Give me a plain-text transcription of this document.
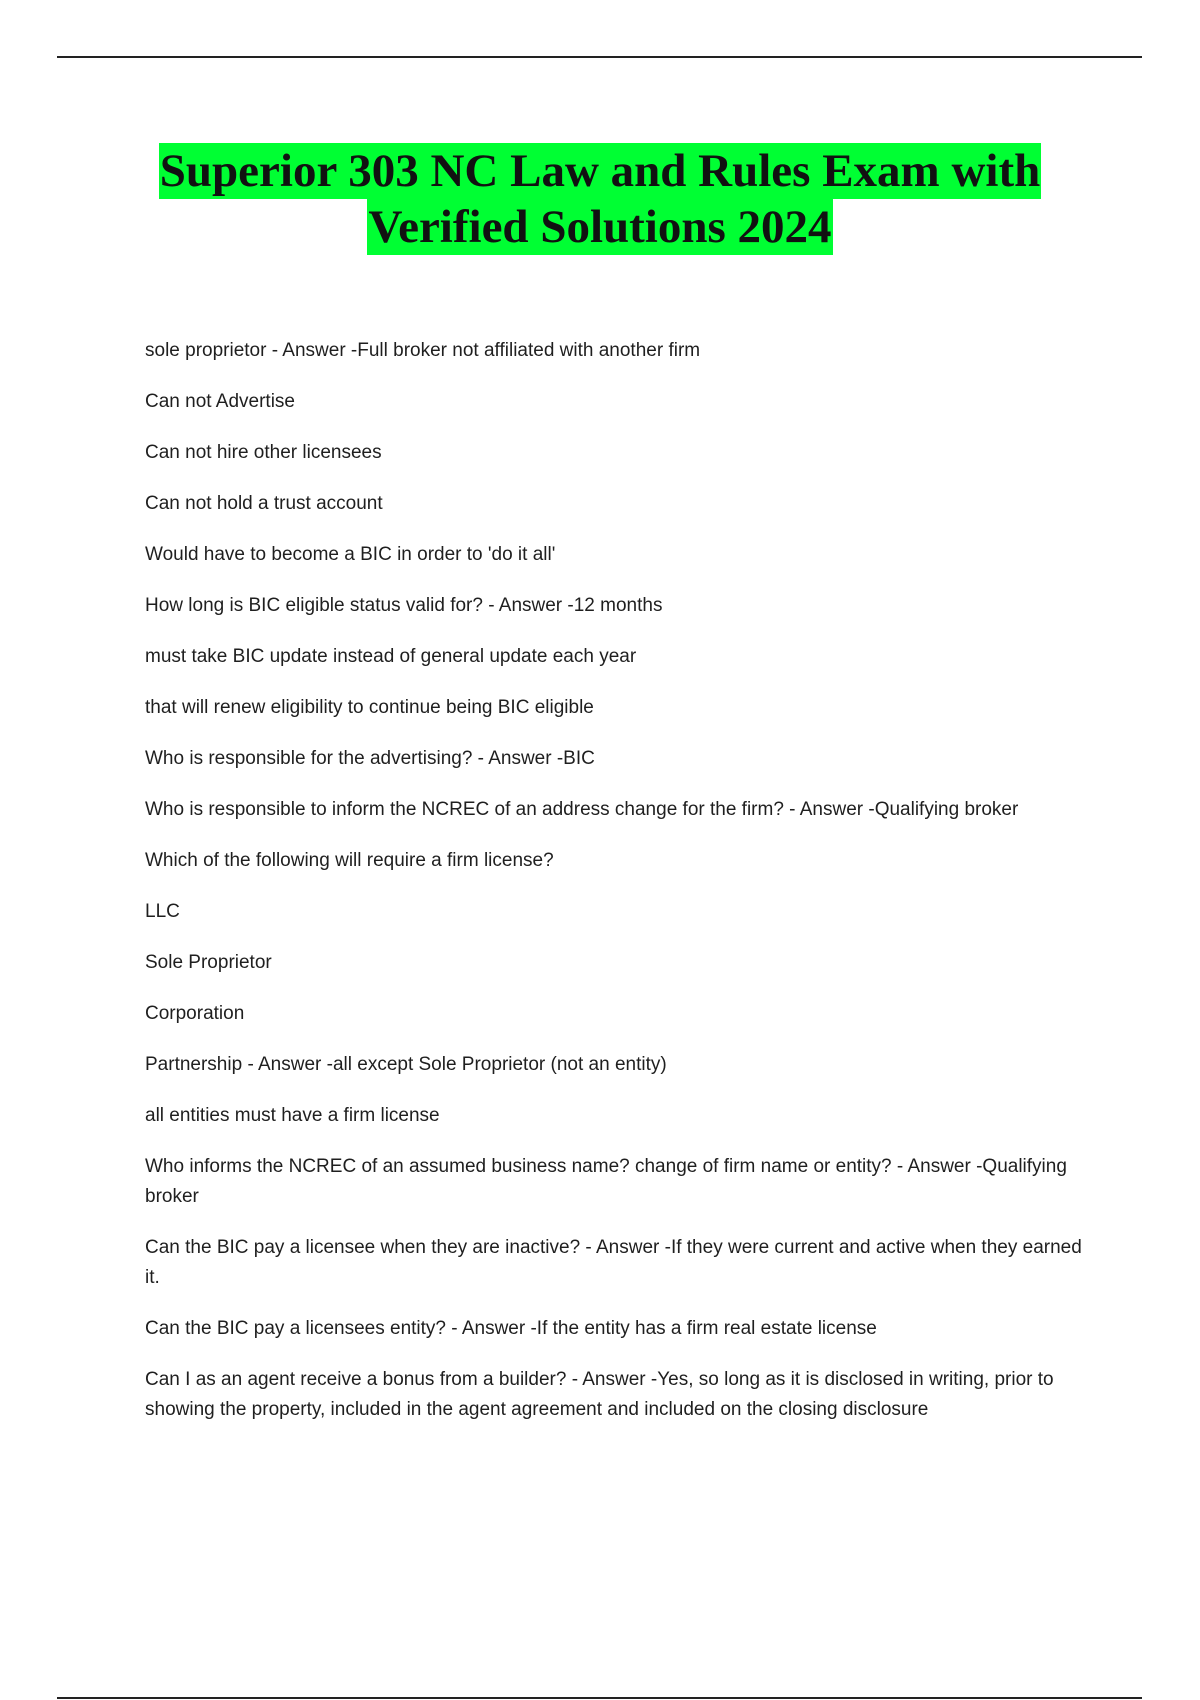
Superior 303 NC Law and Rules Exam with
Verified Solutions 2024

sole proprietor - Answer -Full broker not affiliated with another firm

Can not Advertise

Can not hire other licensees

Can not hold a trust account

Would have to become a BIC in order to 'do it all'

How long is BIC eligible status valid for? - Answer -12 months

must take BIC update instead of general update each year

that will renew eligibility to continue being BIC eligible

Who is responsible for the advertising? - Answer -BIC

Who is responsible to inform the NCREC of an address change for the firm? - Answer -Qualifying broker

Which of the following will require a firm license?

LLC

Sole Proprietor

Corporation

Partnership - Answer -all except Sole Proprietor (not an entity)

all entities must have a firm license

Who informs the NCREC of an assumed business name? change of firm name or entity? - Answer -Qualifying broker

Can the BIC pay a licensee when they are inactive? - Answer -If they were current and active when they earned it.

Can the BIC pay a licensees entity? - Answer -If the entity has a firm real estate license

Can I as an agent receive a bonus from a builder? - Answer -Yes, so long as it is disclosed in writing, prior to showing the property, included in the agent agreement and included on the closing disclosure
